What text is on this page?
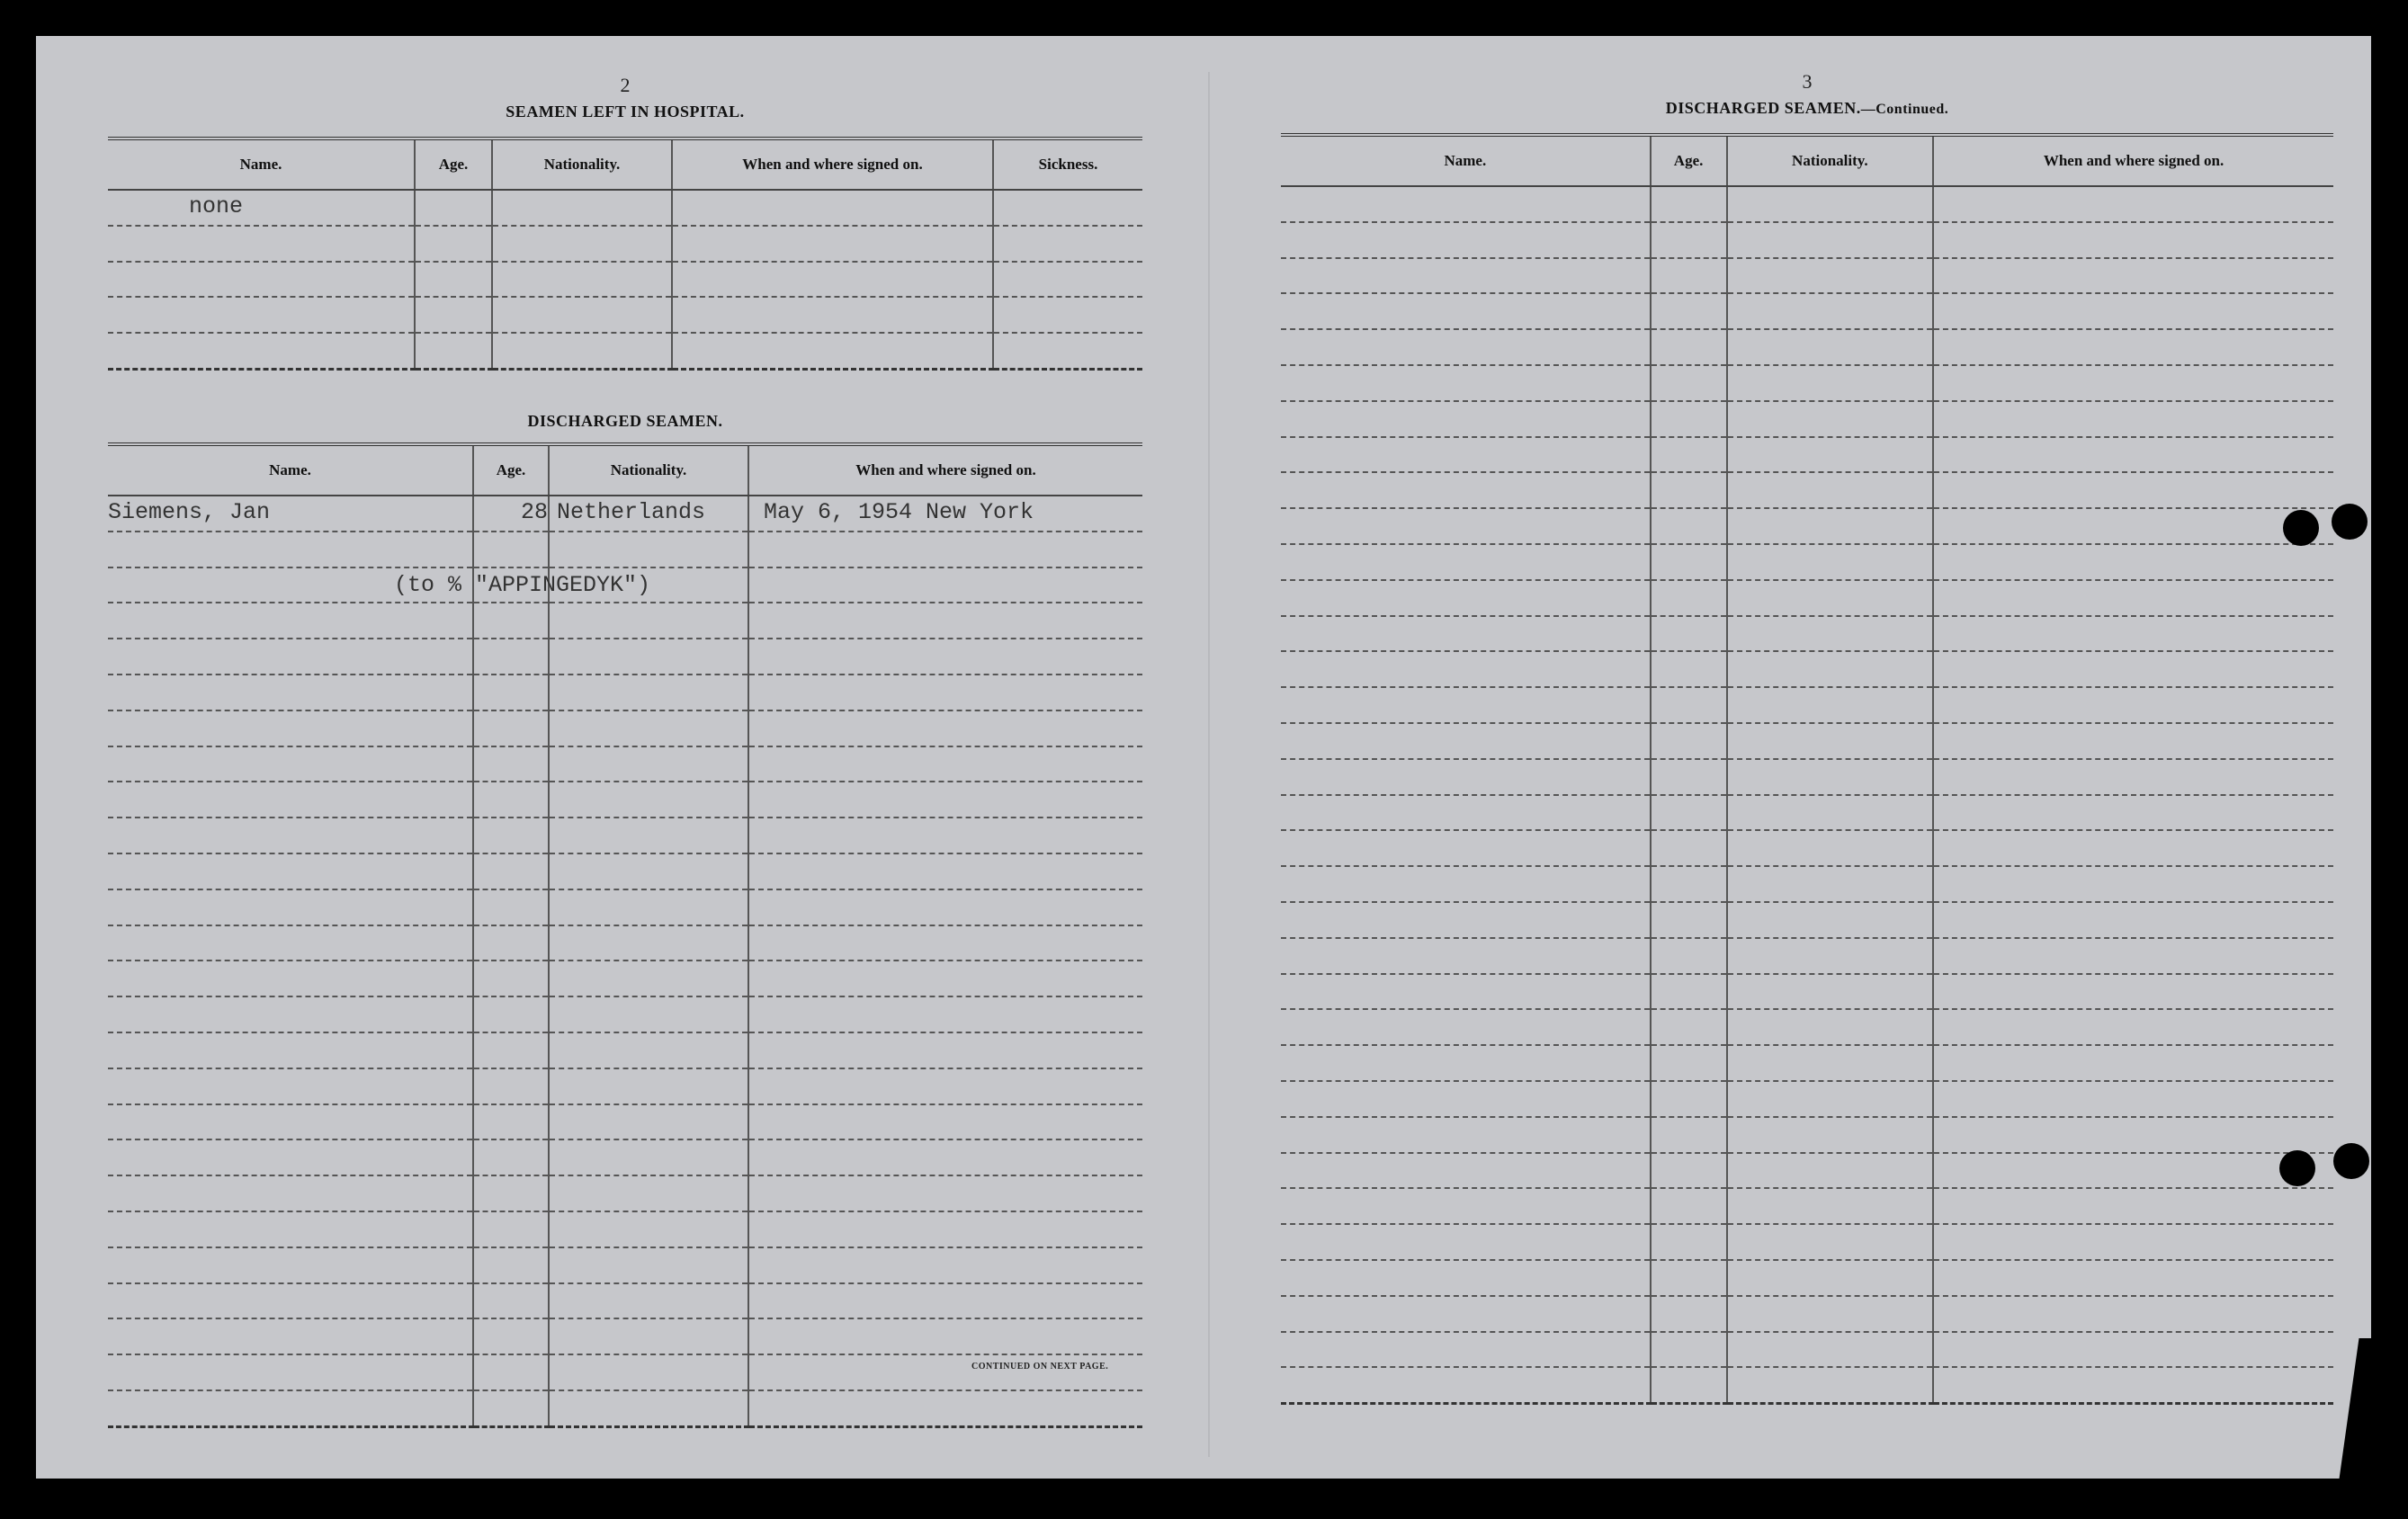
2
SEAMEN LEFT IN HOSPITAL.
Name.	Age.	Nationality.	When and where signed on.	Sickness.
none				

DISCHARGED SEAMEN.
Name.	Age.	Nationality.	When and where signed on.
Siemens, Jan	28	Netherlands	May 6, 1954 New York

(to % "APPINGEDYK")
CONTINUED ON NEXT PAGE.
3
DISCHARGED SEAMEN.—Continued.
Name.	Age.	Nationality.	When and where signed on.
